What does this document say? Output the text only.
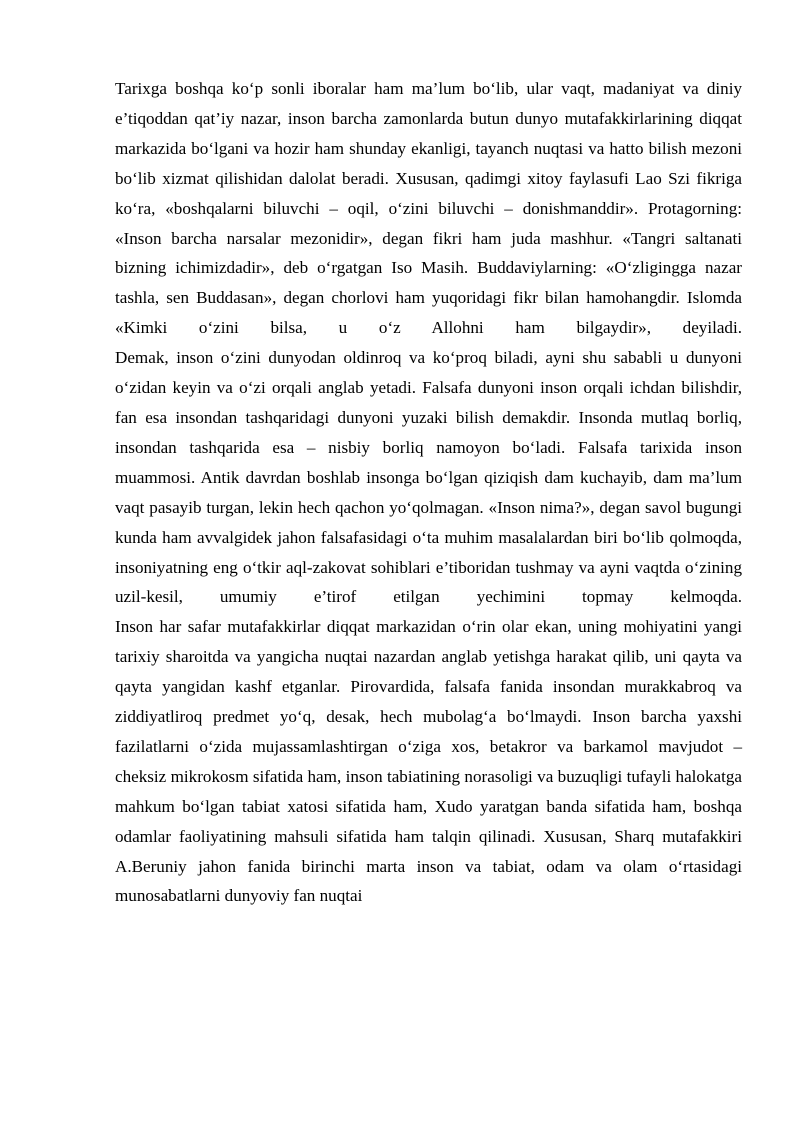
Tarixga boshqa ko‘p sonli iboralar ham ma’lum bo‘lib, ular vaqt, madaniyat va diniy e’tiqoddan qat’iy nazar, inson barcha zamonlarda butun dunyo mutafakkirlarining diqqat markazida bo‘lgani va hozir ham shunday ekanligi, tayanch nuqtasi va hatto bilish mezoni bo‘lib xizmat qilishidan dalolat beradi. Xususan, qadimgi xitoy faylasufi Lao Szi fikriga ko‘ra, «boshqalarni biluvchi – oqil, o‘zini biluvchi – donishmanddir». Protagorning: «Inson barcha narsalar mezonidir», degan fikri ham juda mashhur. «Tangri saltanati bizning ichimizdadir», deb o‘rgatgan Iso Masih. Buddaviylarning: «O‘zligingga nazar tashla, sen Buddasan», degan chorlovi ham yuqoridagi fikr bilan hamohangdir. Islomda «Kimki o‘zini bilsa, u o‘z Allohni ham bilgaydir», deyiladi.

Demak, inson o‘zini dunyodan oldinroq va ko‘proq biladi, ayni shu sababli u dunyoni o‘zidan keyin va o‘zi orqali anglab yetadi. Falsafa dunyoni inson orqali ichdan bilishdir, fan esa insondan tashqaridagi dunyoni yuzaki bilish demakdir. Insonda mutlaq borliq, insondan tashqarida esa – nisbiy borliq namoyon bo‘ladi. Falsafa tarixida inson muammosi. Antik davrdan boshlab insonga bo‘lgan qiziqish dam kuchayib, dam ma’lum vaqt pasayib turgan, lekin hech qachon yo‘qolmagan. «Inson nima?», degan savol bugungi kunda ham avvalgidek jahon falsafasidagi o‘ta muhim masalalardan biri bo‘lib qolmoqda, insoniyatning eng o‘tkir aql-zakovat sohiblari e’tiboridan tushmay va ayni vaqtda o‘zining uzil-kesil, umumiy e’tirof etilgan yechimini topmay kelmoqda.

Inson har safar mutafakkirlar diqqat markazidan o‘rin olar ekan, uning mohiyatini yangi tarixiy sharoitda va yangicha nuqtai nazardan anglab yetishga harakat qilib, uni qayta va qayta yangidan kashf etganlar. Pirovardida, falsafa fanida insondan murakkabroq va ziddiyatliroq predmet yo‘q, desak, hech mubolag‘a bo‘lmaydi. Inson barcha yaxshi fazilatlarni o‘zida mujassamlashtirgan o‘ziga xos, betakror va barkamol mavjudot – cheksiz mikrokosm sifatida ham, inson tabiatining norasoligi va buzuqligi tufayli halokatga mahkum bo‘lgan tabiat xatosi sifatida ham, Xudo yaratgan banda sifatida ham, boshqa odamlar faoliyatining mahsuli sifatida ham talqin qilinadi. Xususan, Sharq mutafakkiri A.Beruniy jahon fanida birinchi marta inson va tabiat, odam va olam o‘rtasidagi munosabatlarni dunyoviy fan nuqtai
